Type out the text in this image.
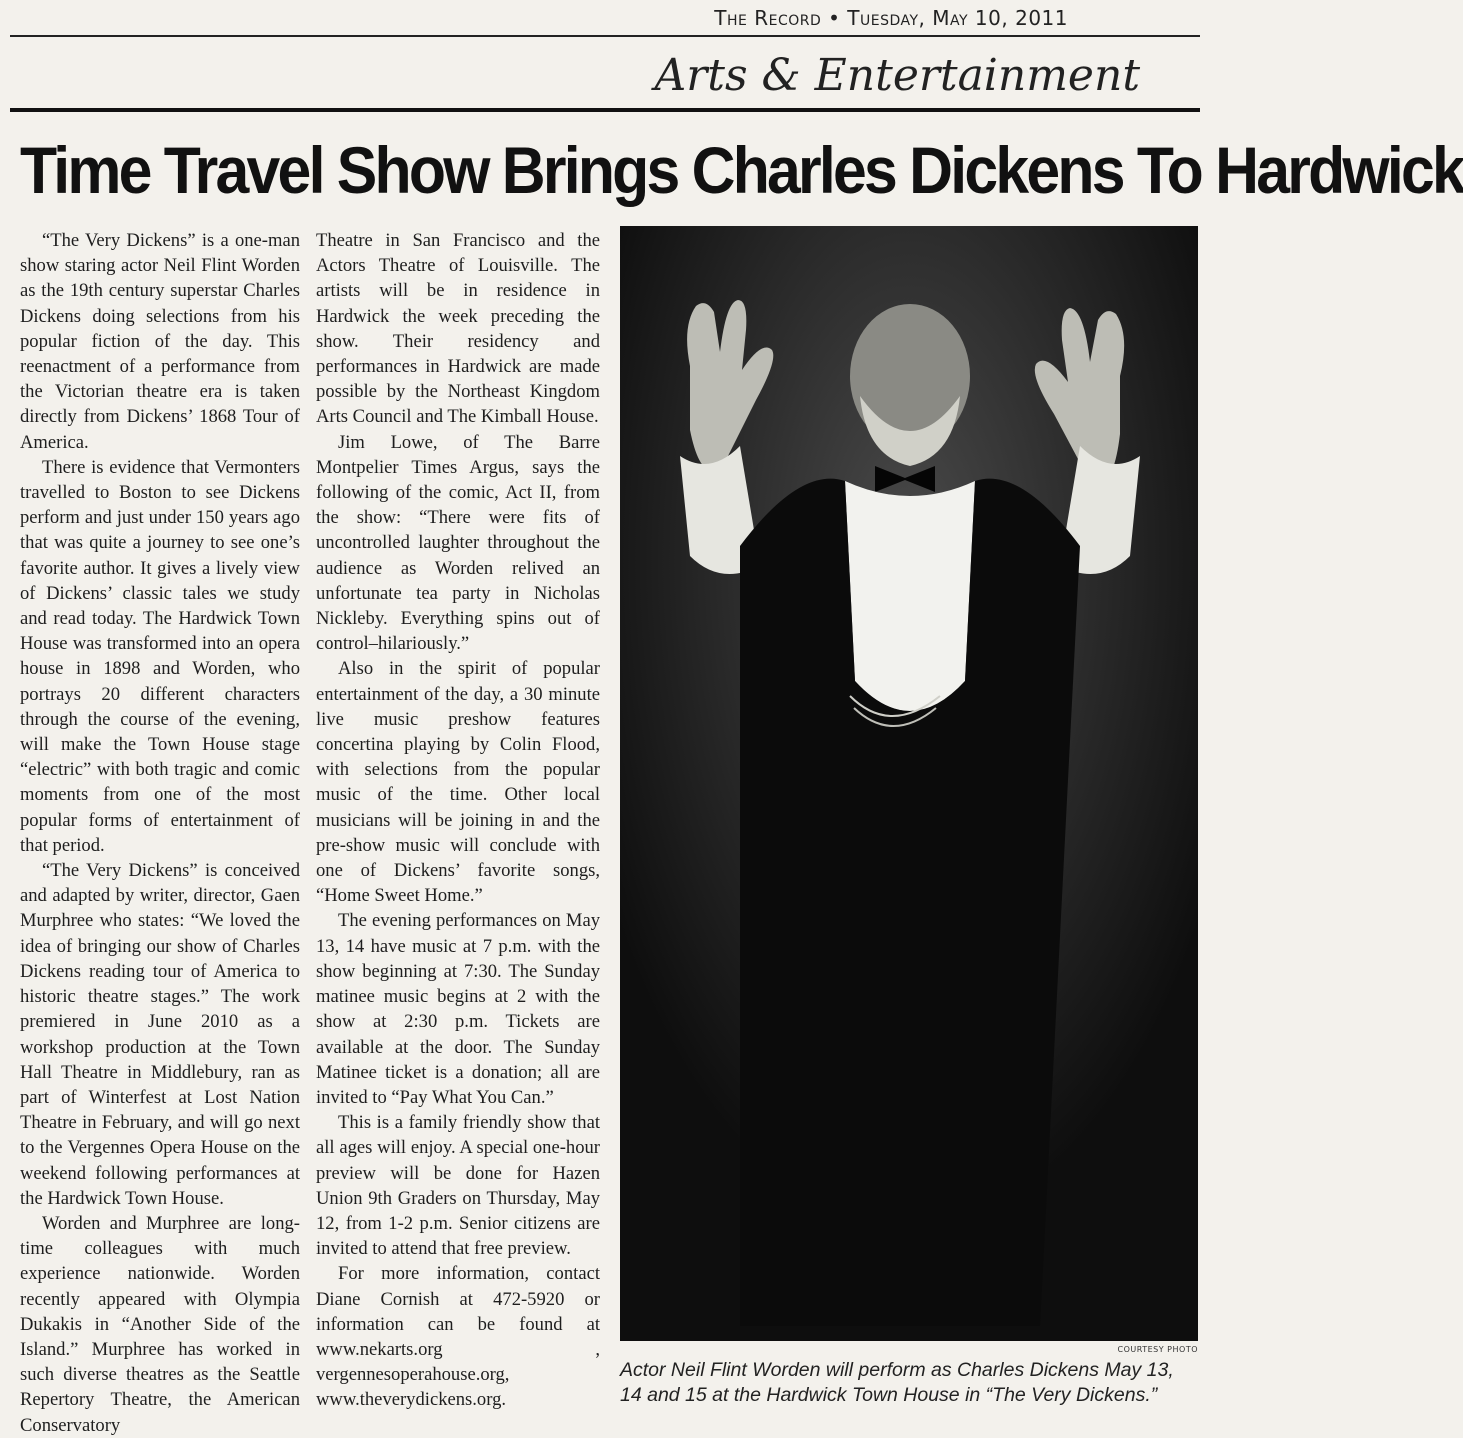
The Record • Tuesday, May 10, 2011
Arts & Entertainment
Time Travel Show Brings Charles Dickens To Hardwick

“The Very Dickens” is a one-man show staring actor Neil Flint Worden as the 19th century superstar Charles Dickens doing selections from his popular fiction of the day. This reenactment of a performance from the Victorian theatre era is taken directly from Dickens’ 1868 Tour of America.

There is evidence that Vermonters travelled to Boston to see Dickens perform and just under 150 years ago that was quite a journey to see one’s favorite author. It gives a lively view of Dickens’ classic tales we study and read today. The Hardwick Town House was transformed into an opera house in 1898 and Worden, who portrays 20 different characters through the course of the evening, will make the Town House stage “electric” with both tragic and comic moments from one of the most popular forms of entertainment of that period.

“The Very Dickens” is conceived and adapted by writer, director, Gaen Murphree who states: “We loved the idea of bringing our show of Charles Dickens reading tour of America to historic theatre stages.” The work premiered in June 2010 as a workshop production at the Town Hall Theatre in Middlebury, ran as part of Winterfest at Lost Nation Theatre in February, and will go next to the Vergennes Opera House on the weekend following performances at the Hardwick Town House.

Worden and Murphree are long-time colleagues with much experience nationwide. Worden recently appeared with Olympia Dukakis in “Another Side of the Island.” Murphree has worked in such diverse theatres as the Seattle Repertory Theatre, the American Conservatory

Theatre in San Francisco and the Actors Theatre of Louisville. The artists will be in residence in Hardwick the week preceding the show. Their residency and performances in Hardwick are made possible by the Northeast Kingdom Arts Council and The Kimball House.

Jim Lowe, of The Barre Montpelier Times Argus, says the following of the comic, Act II, from the show: “There were fits of uncontrolled laughter throughout the audience as Worden relived an unfortunate tea party in Nicholas Nickleby. Everything spins out of control–hilariously.”

Also in the spirit of popular entertainment of the day, a 30 minute live music preshow features concertina playing by Colin Flood, with selections from the popular music of the time. Other local musicians will be joining in and the pre-show music will conclude with one of Dickens’ favorite songs, “Home Sweet Home.”

The evening performances on May 13, 14 have music at 7 p.m. with the show beginning at 7:30. The Sunday matinee music begins at 2 with the show at 2:30 p.m. Tickets are available at the door. The Sunday Matinee ticket is a donation; all are invited to “Pay What You Can.”

This is a family friendly show that all ages will enjoy. A special one-hour preview will be done for Hazen Union 9th Graders on Thursday, May 12, from 1-2 p.m. Senior citizens are invited to attend that free preview.

For more information, contact Diane Cornish at 472-5920 or information can be found at www.nekarts.org , vergennesoperahouse.org, www.theverydickens.org.

COURTESY PHOTO
Actor Neil Flint Worden will perform as Charles Dickens May 13, 14 and 15 at the Hardwick Town House in “The Very Dickens.”
